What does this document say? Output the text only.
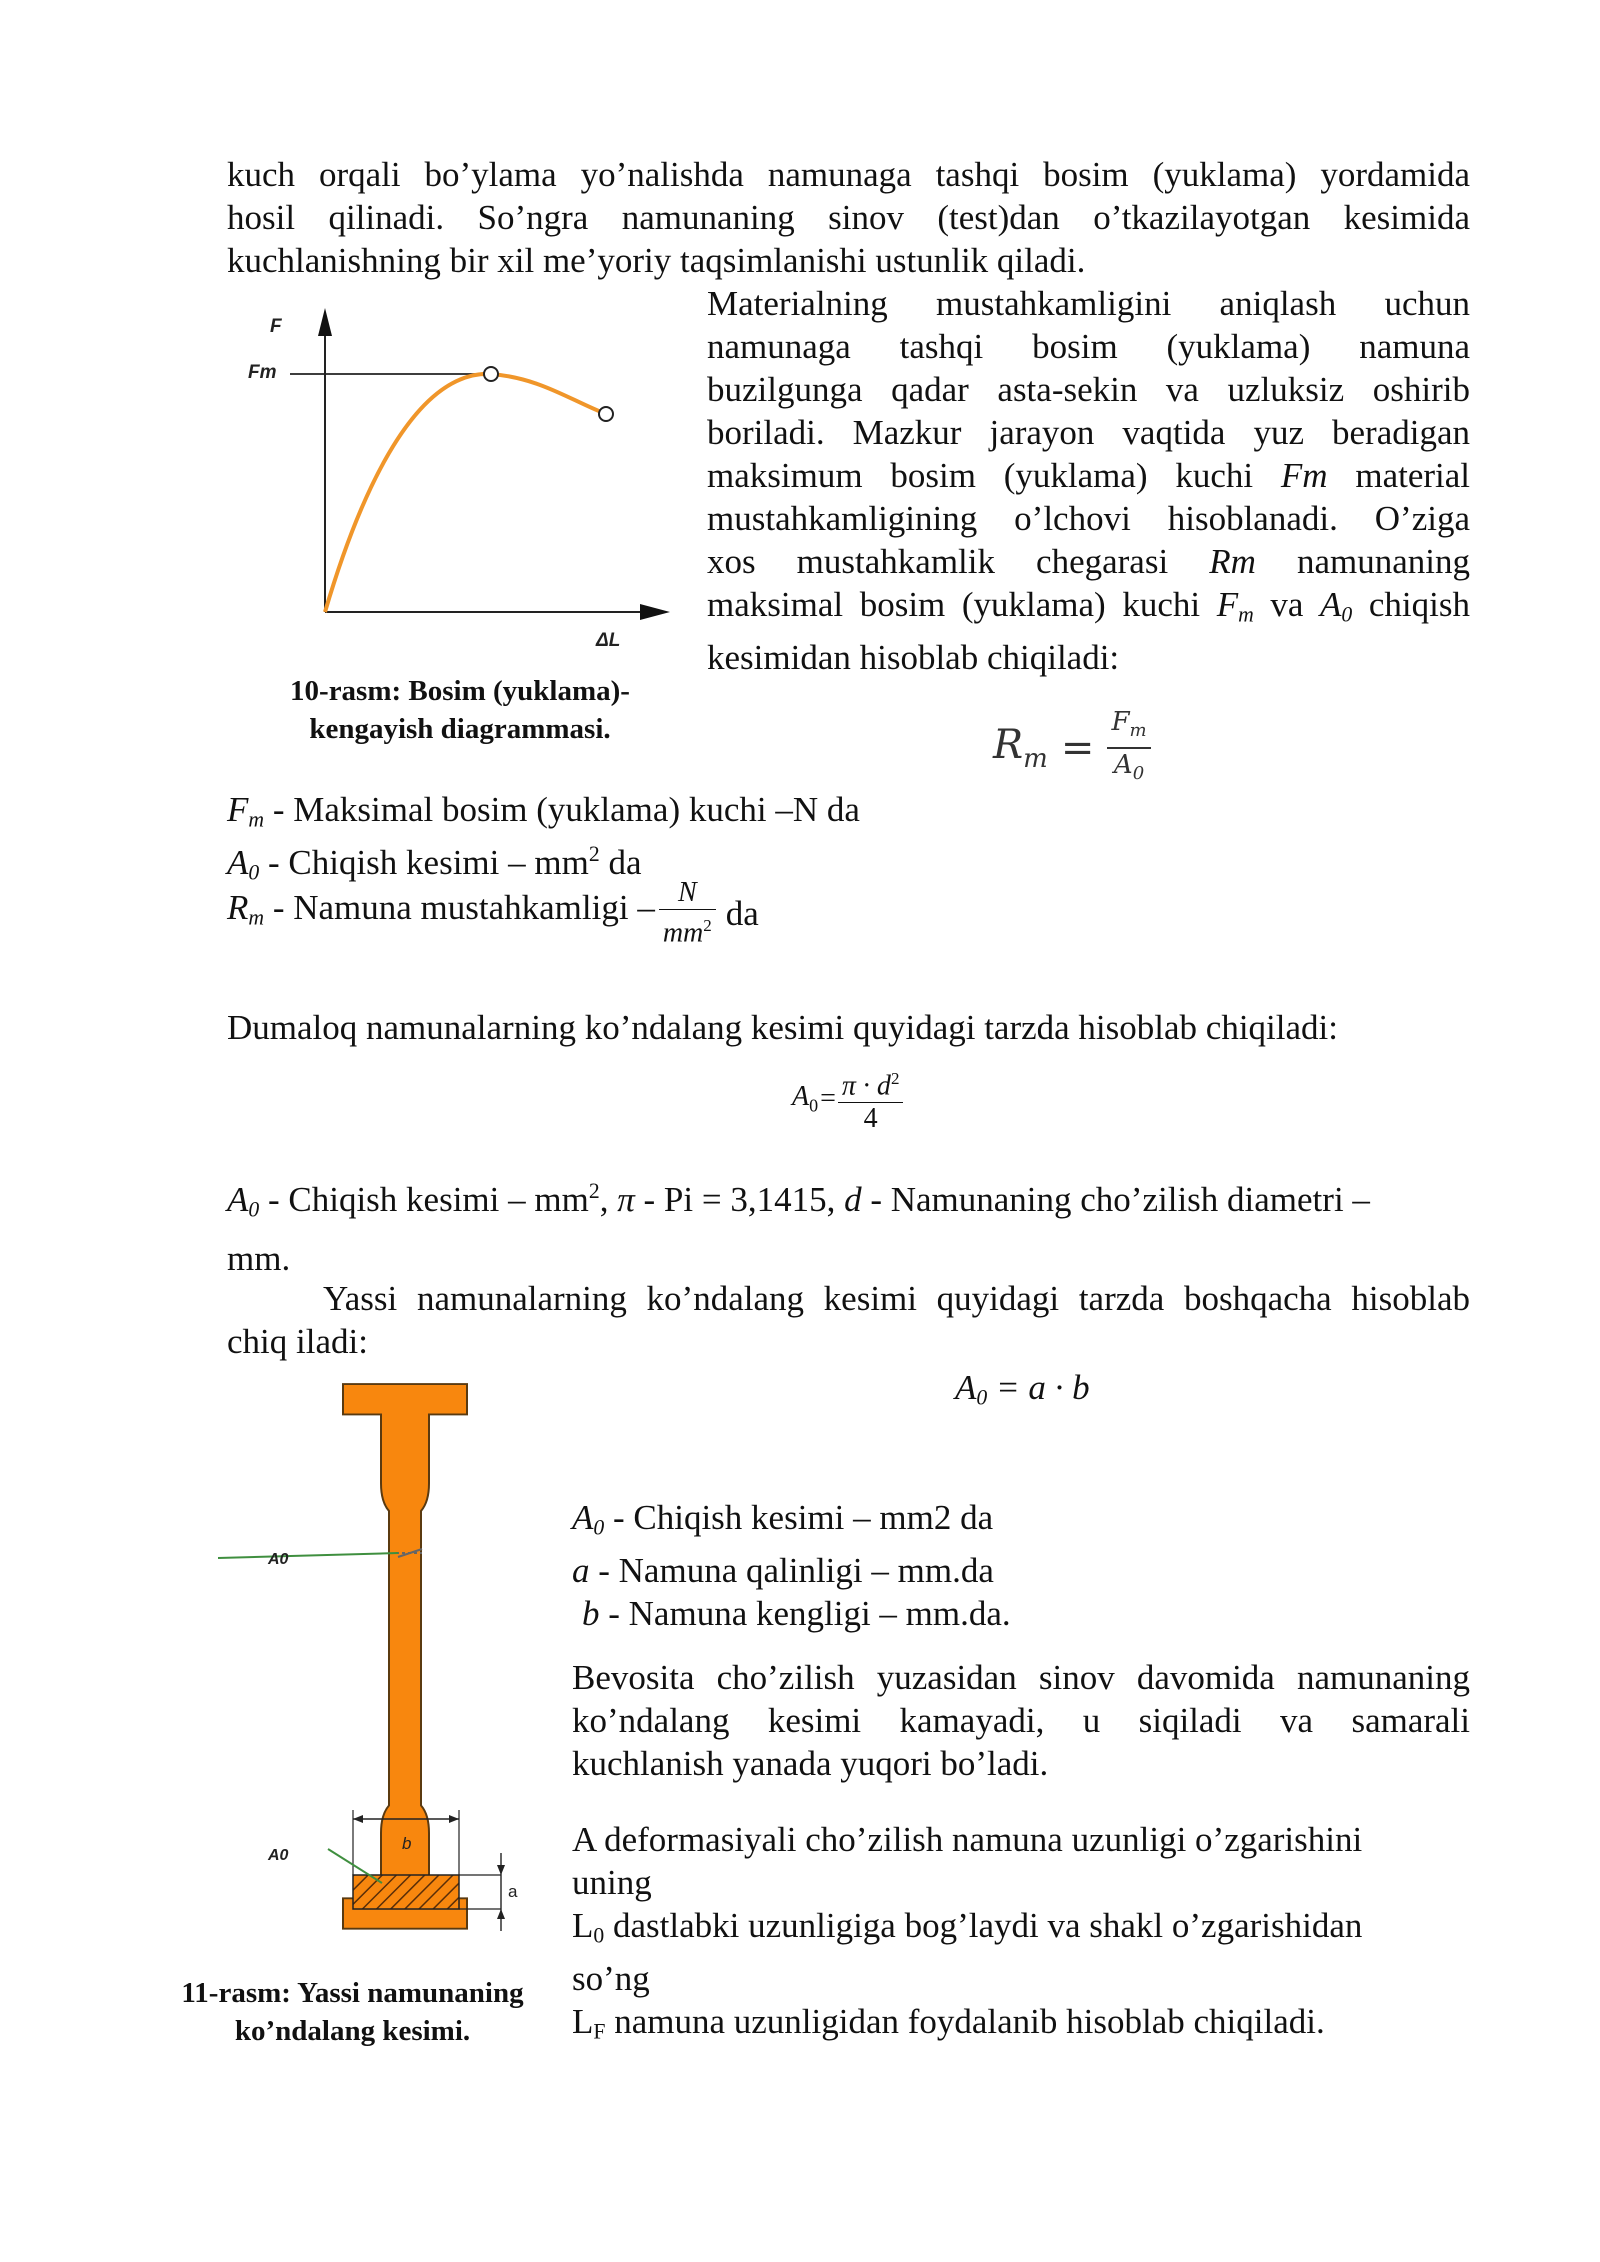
kuch orqali bo’ylama yo’nalishda namunaga tashqi bosim (yuklama) yordamida
hosil qilinadi. So’ngra namunaning sinov (test)dan o’tkazilayotgan kesimida
kuchlanishning bir xil me’yoriy taqsimlanishi ustunlik qiladi.
F
Fm
ΔL
10-rasm: Bosim (yuklama)-
kengayish diagrammasi.
Materialning mustahkamligini aniqlash uchun
namunaga tashqi bosim (yuklama) namuna
buzilgunga qadar asta-sekin va uzluksiz oshirib
boriladi. Mazkur jarayon vaqtida yuz beradigan
maksimum bosim (yuklama) kuchi Fm material
mustahkamligining o’lchovi hisoblanadi. O’ziga
xos mustahkamlik chegarasi Rm namunaning
maksimal bosim (yuklama) kuchi $F_m$ va $A_0$ chiqish
kesimidan hisoblab chiqiladi:
$R_m = \frac{F_m}{A_0}$
$F_m$ - Maksimal bosim (yuklama) kuchi –N da
$A_0$ - Chiqish kesimi – $mm^2$ da
$R_m$ - Namuna mustahkamligi – $\frac{N}{mm^2}$ da
Dumaloq namunalarning ko’ndalang kesimi quyidagi tarzda hisoblab chiqiladi:
$A_0 = \frac{\pi \cdot d^2}{4}$
$A_0$ - Chiqish kesimi – $mm^2$, π - Pi = 3,1415, d - Namunaning cho’zilish diametri –
mm.
Yassi namunalarning ko’ndalang kesimi quyidagi tarzda boshqacha hisoblab
chiq iladi:
$A_0 = a \cdot b$
A0
b
a
A0
11-rasm: Yassi namunaning
ko’ndalang kesimi.
$A_0$ - Chiqish kesimi – mm2 da
a - Namuna qalinligi – mm.da
b - Namuna kengligi – mm.da.
Bevosita cho’zilish yuzasidan sinov davomida namunaning
ko’ndalang kesimi kamayadi, u siqiladi va samarali
kuchlanish yanada yuqori bo’ladi.
A deformasiyali cho’zilish namuna uzunligi o’zgarishini
uning
$L_0$ dastlabki uzunligiga bog’laydi va shakl o’zgarishidan
so’ng
$L_F$ namuna uzunligidan foydalanib hisoblab chiqiladi.
